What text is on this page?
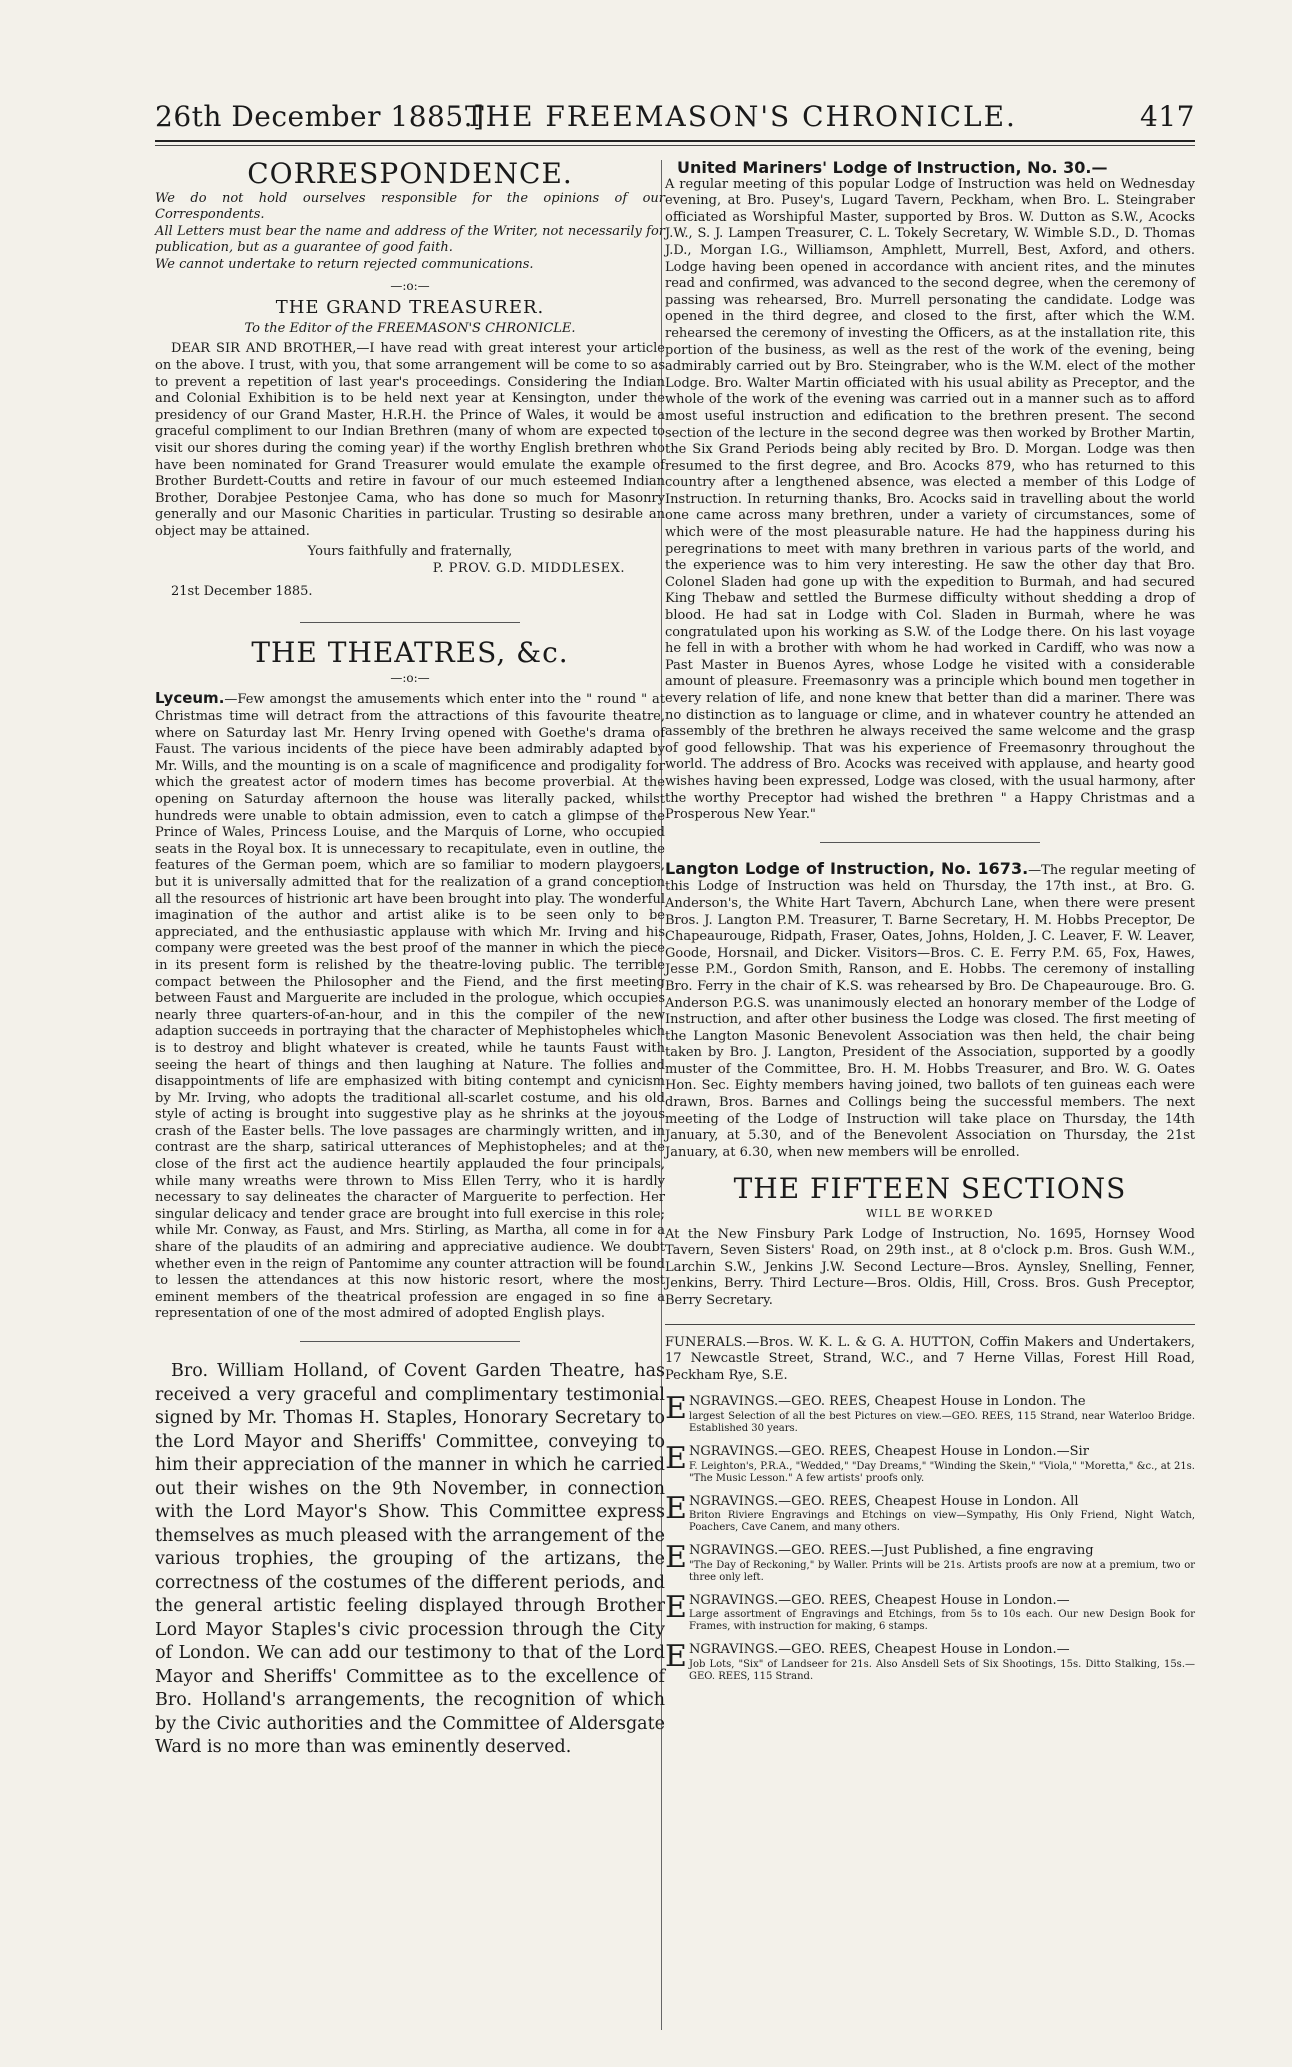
26th December 1885.]
THE FREEMASON'S CHRONICLE.	417
CORRESPONDENCE.

We do not hold ourselves responsible for the opinions of our Correspondents.

All Letters must bear the name and address of the Writer, not necessarily for publication, but as a guarantee of good faith.

We cannot undertake to return rejected communications.

—:o:—
THE GRAND TREASURER.

To the Editor of the FREEMASON'S CHRONICLE.

DEAR SIR AND BROTHER,—I have read with great interest your article on the above. I trust, with you, that some arrangement will be come to so as to prevent a repetition of last year's proceedings. Considering the Indian and Colonial Exhibition is to be held next year at Kensington, under the presidency of our Grand Master, H.R.H. the Prince of Wales, it would be a graceful compliment to our Indian Brethren (many of whom are expected to visit our shores during the coming year) if the worthy English brethren who have been nominated for Grand Treasurer would emulate the example of Brother Burdett-Coutts and retire in favour of our much esteemed Indian Brother, Dorabjee Pestonjee Cama, who has done so much for Masonry generally and our Masonic Charities in particular. Trusting so desirable an object may be attained.

Yours faithfully and fraternally,

P. PROV. G.D. MIDDLESEX.

21st December 1885.

THE THEATRES, &c.
—:o:—

Lyceum.—Few amongst the amusements which enter into the " round " at Christmas time will detract from the attractions of this favourite theatre, where on Saturday last Mr. Henry Irving opened with Goethe's drama of Faust. The various incidents of the piece have been admirably adapted by Mr. Wills, and the mounting is on a scale of magnificence and prodigality for which the greatest actor of modern times has become proverbial. At the opening on Saturday afternoon the house was literally packed, whilst hundreds were unable to obtain admission, even to catch a glimpse of the Prince of Wales, Princess Louise, and the Marquis of Lorne, who occupied seats in the Royal box. It is unnecessary to recapitulate, even in outline, the features of the German poem, which are so familiar to modern playgoers, but it is universally admitted that for the realization of a grand conception all the resources of histrionic art have been brought into play. The wonderful imagination of the author and artist alike is to be seen only to be appreciated, and the enthusiastic applause with which Mr. Irving and his company were greeted was the best proof of the manner in which the piece in its present form is relished by the theatre-loving public. The terrible compact between the Philosopher and the Fiend, and the first meeting between Faust and Marguerite are included in the prologue, which occupies nearly three quarters-of-an-hour, and in this the compiler of the new adaption succeeds in portraying that the character of Mephistopheles which is to destroy and blight whatever is created, while he taunts Faust with seeing the heart of things and then laughing at Nature. The follies and disappointments of life are emphasized with biting contempt and cynicism by Mr. Irving, who adopts the traditional all-scarlet costume, and his old style of acting is brought into suggestive play as he shrinks at the joyous crash of the Easter bells. The love passages are charmingly written, and in contrast are the sharp, satirical utterances of Mephistopheles; and at the close of the first act the audience heartily applauded the four principals, while many wreaths were thrown to Miss Ellen Terry, who it is hardly necessary to say delineates the character of Marguerite to perfection. Her singular delicacy and tender grace are brought into full exercise in this role; while Mr. Conway, as Faust, and Mrs. Stirling, as Martha, all come in for a share of the plaudits of an admiring and appreciative audience. We doubt whether even in the reign of Pantomime any counter attraction will be found to lessen the attendances at this now historic resort, where the most eminent members of the theatrical profession are engaged in so fine a representation of one of the most admired of adopted English plays.

Bro. William Holland, of Covent Garden Theatre, has received a very graceful and complimentary testimonial signed by Mr. Thomas H. Staples, Honorary Secretary to the Lord Mayor and Sheriffs' Committee, conveying to him their appreciation of the manner in which he carried out their wishes on the 9th November, in connection with the Lord Mayor's Show. This Committee express themselves as much pleased with the arrangement of the various trophies, the grouping of the artizans, the correctness of the costumes of the different periods, and the general artistic feeling displayed through Brother Lord Mayor Staples's civic procession through the City of London. We can add our testimony to that of the Lord Mayor and Sheriffs' Committee as to the excellence of Bro. Holland's arrangements, the recognition of which by the Civic authorities and the Committee of Aldersgate Ward is no more than was eminently deserved.

United Mariners' Lodge of Instruction, No. 30.—

A regular meeting of this popular Lodge of Instruction was held on Wednesday evening, at Bro. Pusey's, Lugard Tavern, Peckham, when Bro. L. Steingraber officiated as Worshipful Master, supported by Bros. W. Dutton as S.W., Acocks J.W., S. J. Lampen Treasurer, C. L. Tokely Secretary, W. Wimble S.D., D. Thomas J.D., Morgan I.G., Williamson, Amphlett, Murrell, Best, Axford, and others. Lodge having been opened in accordance with ancient rites, and the minutes read and confirmed, was advanced to the second degree, when the ceremony of passing was rehearsed, Bro. Murrell personating the candidate. Lodge was opened in the third degree, and closed to the first, after which the W.M. rehearsed the ceremony of investing the Officers, as at the installation rite, this portion of the business, as well as the rest of the work of the evening, being admirably carried out by Bro. Steingraber, who is the W.M. elect of the mother Lodge. Bro. Walter Martin officiated with his usual ability as Preceptor, and the whole of the work of the evening was carried out in a manner such as to afford most useful instruction and edification to the brethren present. The second section of the lecture in the second degree was then worked by Brother Martin, the Six Grand Periods being ably recited by Bro. D. Morgan. Lodge was then resumed to the first degree, and Bro. Acocks 879, who has returned to this country after a lengthened absence, was elected a member of this Lodge of Instruction. In returning thanks, Bro. Acocks said in travelling about the world one came across many brethren, under a variety of circumstances, some of which were of the most pleasurable nature. He had the happiness during his peregrinations to meet with many brethren in various parts of the world, and the experience was to him very interesting. He saw the other day that Bro. Colonel Sladen had gone up with the expedition to Burmah, and had secured King Thebaw and settled the Burmese difficulty without shedding a drop of blood. He had sat in Lodge with Col. Sladen in Burmah, where he was congratulated upon his working as S.W. of the Lodge there. On his last voyage he fell in with a brother with whom he had worked in Cardiff, who was now a Past Master in Buenos Ayres, whose Lodge he visited with a considerable amount of pleasure. Freemasonry was a principle which bound men together in every relation of life, and none knew that better than did a mariner. There was no distinction as to language or clime, and in whatever country he attended an assembly of the brethren he always received the same welcome and the grasp of good fellowship. That was his experience of Freemasonry throughout the world. The address of Bro. Acocks was received with applause, and hearty good wishes having been expressed, Lodge was closed, with the usual harmony, after the worthy Preceptor had wished the brethren " a Happy Christmas and a Prosperous New Year."

Langton Lodge of Instruction, No. 1673.—The regular meeting of this Lodge of Instruction was held on Thursday, the 17th inst., at Bro. G. Anderson's, the White Hart Tavern, Abchurch Lane, when there were present Bros. J. Langton P.M. Treasurer, T. Barne Secretary, H. M. Hobbs Preceptor, De Chapeaurouge, Ridpath, Fraser, Oates, Johns, Holden, J. C. Leaver, F. W. Leaver, Goode, Horsnail, and Dicker. Visitors—Bros. C. E. Ferry P.M. 65, Fox, Hawes, Jesse P.M., Gordon Smith, Ranson, and E. Hobbs. The ceremony of installing Bro. Ferry in the chair of K.S. was rehearsed by Bro. De Chapeaurouge. Bro. G. Anderson P.G.S. was unanimously elected an honorary member of the Lodge of Instruction, and after other business the Lodge was closed. The first meeting of the Langton Masonic Benevolent Association was then held, the chair being taken by Bro. J. Langton, President of the Association, supported by a goodly muster of the Committee, Bro. H. M. Hobbs Treasurer, and Bro. W. G. Oates Hon. Sec. Eighty members having joined, two ballots of ten guineas each were drawn, Bros. Barnes and Collings being the successful members. The next meeting of the Lodge of Instruction will take place on Thursday, the 14th January, at 5.30, and of the Benevolent Association on Thursday, the 21st January, at 6.30, when new members will be enrolled.

THE FIFTEEN SECTIONS

WILL BE WORKED

At the New Finsbury Park Lodge of Instruction, No. 1695, Hornsey Wood Tavern, Seven Sisters' Road, on 29th inst., at 8 o'clock p.m. Bros. Gush W.M., Larchin S.W., Jenkins J.W. Second Lecture—Bros. Aynsley, Snelling, Fenner, Jenkins, Berry. Third Lecture—Bros. Oldis, Hill, Cross. Bros. Gush Preceptor, Berry Secretary.

FUNERALS.—Bros. W. K. L. & G. A. HUTTON, Coffin Makers and Undertakers, 17 Newcastle Street, Strand, W.C., and 7 Herne Villas, Forest Hill Road, Peckham Rye, S.E.

E NGRAVINGS.—GEO. REES, Cheapest House in London. The
largest Selection of all the best Pictures on view.—GEO. REES, 115 Strand, near Waterloo Bridge. Established 30 years.
E NGRAVINGS.—GEO. REES, Cheapest House in London.—Sir
F. Leighton's, P.R.A., "Wedded," "Day Dreams," "Winding the Skein," "Viola," "Moretta," &c., at 21s. "The Music Lesson." A few artists' proofs only.
E NGRAVINGS.—GEO. REES, Cheapest House in London. All
Briton Riviere Engravings and Etchings on view—Sympathy, His Only Friend, Night Watch, Poachers, Cave Canem, and many others.
E NGRAVINGS.—GEO. REES.—Just Published, a fine engraving
"The Day of Reckoning," by Waller. Prints will be 21s. Artists proofs are now at a premium, two or three only left.
E NGRAVINGS.—GEO. REES, Cheapest House in London.—
Large assortment of Engravings and Etchings, from 5s to 10s each. Our new Design Book for Frames, with instruction for making, 6 stamps.
E NGRAVINGS.—GEO. REES, Cheapest House in London.—
Job Lots, "Six" of Landseer for 21s. Also Ansdell Sets of Six Shootings, 15s. Ditto Stalking, 15s.—GEO. REES, 115 Strand.
